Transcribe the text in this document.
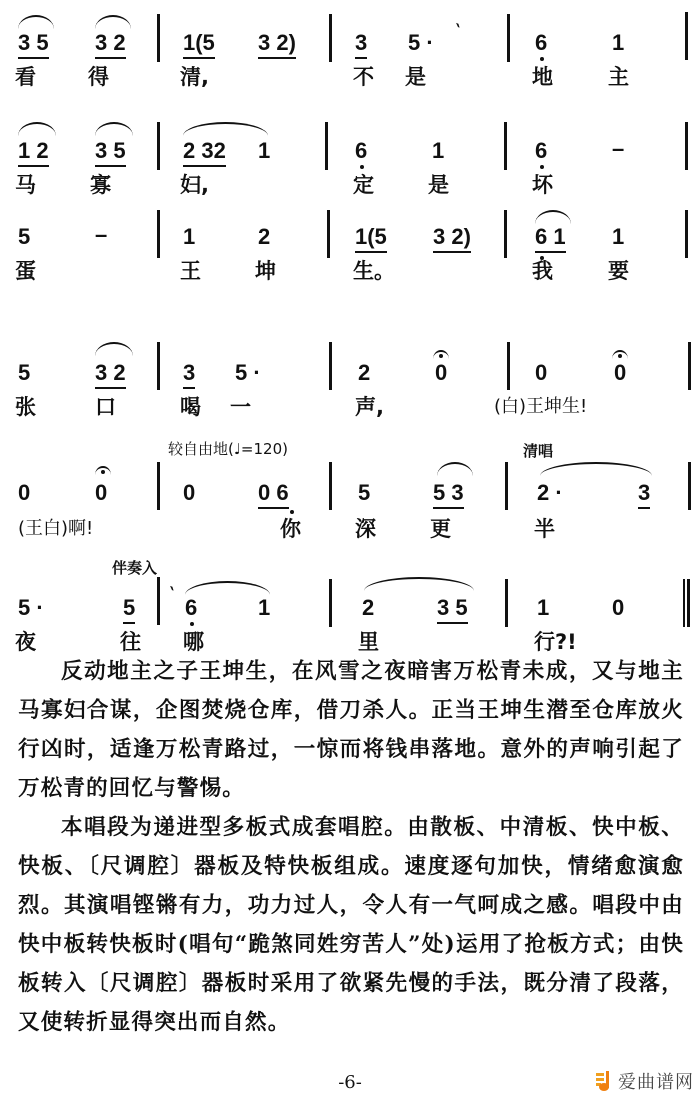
3 5 3 2
看 得
1(5 3 2)
清,
3 5 · `
不 是
6	1
地	主
1 2 3 5
马	寡
2 32 1
妇,
6	1
定	是
6	–
坏
5	–
蛋
1	2
王	坤
1(5 3 2)
生。
6 1 1
我	要
5	3 2
张	口
3 5 ·
喝 一
2	0
声,
0	0
(白)王坤生!
较自由地(♩=120)	清唱
0	0
(王白)啊!
0	0 6
你
5	5 3
深	更
2 ·	3
半
伴奏入
`
5 ·	5
夜	往
6	1
哪
2	3 5
里
1	0
行?!

反动地主之子王坤生，在风雪之夜暗害万松青未成，又与地主马寡妇合谋，企图焚烧仓库，借刀杀人。正当王坤生潜至仓库放火行凶时，适逢万松青路过，一惊而将钱串落地。意外的声响引起了万松青的回忆与警惕。

本唱段为递进型多板式成套唱腔。由散板、中清板、快中板、快板、〔尺调腔〕器板及特快板组成。速度逐句加快，情绪愈演愈烈。其演唱铿锵有力，功力过人，令人有一气呵成之感。唱段中由快中板转快板时(唱句“跪煞同姓穷苦人”处)运用了抢板方式；由快板转入〔尺调腔〕器板时采用了欲紧先慢的手法，既分清了段落，又使转折显得突出而自然。

-6-	爱曲谱网
